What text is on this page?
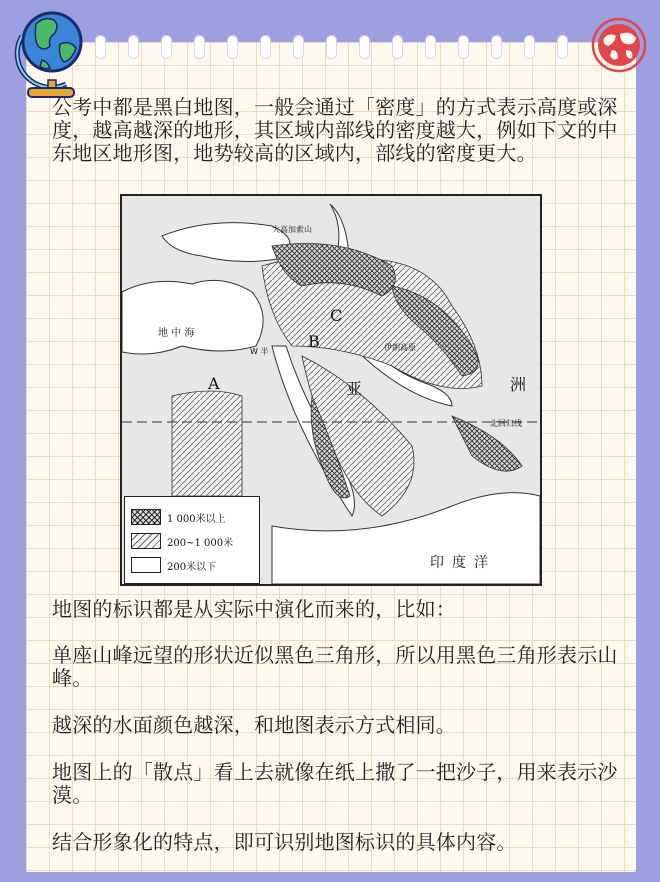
公考中都是黑白地图，一般会通过「密度」的方式表示高度或深度，越高越深的地形，其区域内部线的密度越大，例如下文的中东地区地形图，地势较高的区域内，部线的密度更大。
大高加索山
地 中 海
伊朗高原
北回归线
亚	洲
印度洋
A
B
C
W 半
1 000米以上
200~1 000米
200米以下
地图的标识都是从实际中演化而来的，比如：
单座山峰远望的形状近似黑色三角形，所以用黑色三角形表示山峰。
越深的水面颜色越深，和地图表示方式相同。
地图上的「散点」看上去就像在纸上撒了一把沙子，用来表示沙漠。
结合形象化的特点，即可识别地图标识的具体内容。
